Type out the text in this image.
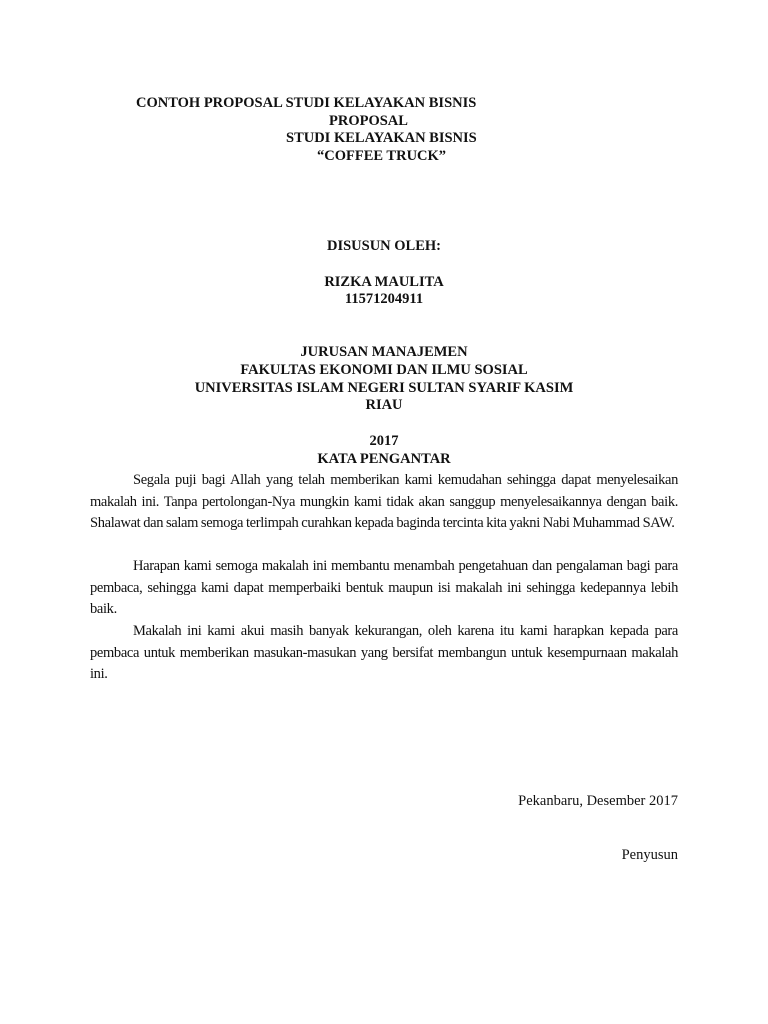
CONTOH PROPOSAL STUDI KELAYAKAN BISNIS
PROPOSAL
STUDI KELAYAKAN BISNIS
“COFFEE TRUCK”
DISUSUN OLEH:
RIZKA MAULITA
11571204911
JURUSAN MANAJEMEN
FAKULTAS EKONOMI DAN ILMU SOSIAL
UNIVERSITAS ISLAM NEGERI SULTAN SYARIF KASIM
RIAU
2017
KATA PENGANTAR

Segala puji bagi Allah yang telah memberikan kami kemudahan sehingga dapat menyelesaikan makalah ini. Tanpa pertolongan-Nya mungkin kami tidak akan sanggup menyelesaikannya dengan baik. Shalawat dan salam semoga terlimpah curahkan kepada baginda tercinta kita yakni Nabi Muhammad SAW.

Harapan kami semoga makalah ini membantu menambah pengetahuan dan pengalaman bagi para pembaca, sehingga kami dapat memperbaiki bentuk maupun isi makalah ini sehingga kedepannya lebih baik.

Makalah ini kami akui masih banyak kekurangan, oleh karena itu kami harapkan kepada para pembaca untuk memberikan masukan-masukan yang bersifat membangun untuk kesempurnaan makalah ini.

Pekanbaru, Desember 2017
Penyusun
